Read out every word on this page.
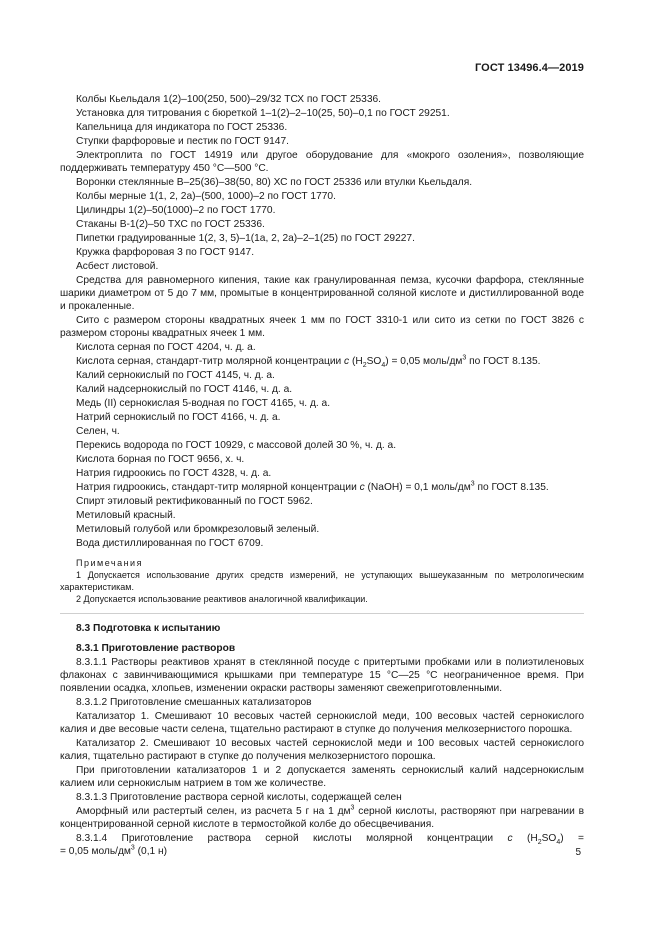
ГОСТ 13496.4—2019

Колбы Кьельдаля 1(2)–100(250, 500)–29/32 ТСХ по ГОСТ 25336.

Установка для титрования с бюреткой 1–1(2)–2–10(25, 50)–0,1 по ГОСТ 29251.

Капельница для индикатора по ГОСТ 25336.

Ступки фарфоровые и пестик по ГОСТ 9147.

Электроплита по ГОСТ 14919 или другое оборудование для «мокрого озоления», позволяющие поддерживать температуру 450 °С—500 °С.

Воронки стеклянные В–25(36)–38(50, 80) ХС по ГОСТ 25336 или втулки Кьельдаля.

Колбы мерные 1(1, 2, 2а)–(500, 1000)–2 по ГОСТ 1770.

Цилиндры 1(2)–50(1000)–2 по ГОСТ 1770.

Стаканы В-1(2)–50 ТХС по ГОСТ 25336.

Пипетки градуированные 1(2, 3, 5)–1(1а, 2, 2а)–2–1(25) по ГОСТ 29227.

Кружка фарфоровая 3 по ГОСТ 9147.

Асбест листовой.

Средства для равномерного кипения, такие как гранулированная пемза, кусочки фарфора, стеклянные шарики диаметром от 5 до 7 мм, промытые в концентрированной соляной кислоте и дистиллированной воде и прокаленные.

Сито с размером стороны квадратных ячеек 1 мм по ГОСТ 3310-1 или сито из сетки по ГОСТ 3826 с размером стороны квадратных ячеек 1 мм.

Кислота серная по ГОСТ 4204, ч. д. а.

Кислота серная, стандарт-титр молярной концентрации c $(H_2SO_4) = 0,05$ моль/$дм^3$ по ГОСТ 8.135.

Калий сернокислый по ГОСТ 4145, ч. д. а.

Калий надсернокислый по ГОСТ 4146, ч. д. а.

Медь (II) сернокислая 5-водная по ГОСТ 4165, ч. д. а.

Натрий сернокислый по ГОСТ 4166, ч. д. а.

Селен, ч.

Перекись водорода по ГОСТ 10929, с массовой долей 30 %, ч. д. а.

Кислота борная по ГОСТ 9656, х. ч.

Натрия гидроокись по ГОСТ 4328, ч. д. а.

Натрия гидроокись, стандарт-титр молярной концентрации c (NaOH) = 0,1 моль/$дм^3$ по ГОСТ 8.135.

Спирт этиловый ректификованный по ГОСТ 5962.

Метиловый красный.

Метиловый голубой или бромкрезоловый зеленый.

Вода дистиллированная по ГОСТ 6709.

Примечания

1 Допускается использование других средств измерений, не уступающих вышеуказанным по метрологическим характеристикам.

2 Допускается использование реактивов аналогичной квалификации.

8.3 Подготовка к испытанию

8.3.1 Приготовление растворов

8.3.1.1 Растворы реактивов хранят в стеклянной посуде с притертыми пробками или в полиэтиленовых флаконах с завинчивающимися крышками при температуре 15 °С—25 °С неограниченное время. При появлении осадка, хлопьев, изменении окраски растворы заменяют свежеприготовленными.

8.3.1.2 Приготовление смешанных катализаторов

Катализатор 1. Смешивают 10 весовых частей сернокислой меди, 100 весовых частей сернокислого калия и две весовые части селена, тщательно растирают в ступке до получения мелкозернистого порошка.

Катализатор 2. Смешивают 10 весовых частей сернокислой меди и 100 весовых частей сернокислого калия, тщательно растирают в ступке до получения мелкозернистого порошка.

При приготовлении катализаторов 1 и 2 допускается заменять сернокислый калий надсернокислым калием или сернокислым натрием в том же количестве.

8.3.1.3 Приготовление раствора серной кислоты, содержащей селен

Аморфный или растертый селен, из расчета 5 г на 1 $дм^3$ серной кислоты, растворяют при нагревании в концентрированной серной кислоте в термостойкой колбе до обесцвечивания.

8.3.1.4 Приготовление раствора серной кислоты молярной концентрации c $(H_2SO_4)$ =

= 0,05 моль/$дм^3$ (0,1 н)	5
